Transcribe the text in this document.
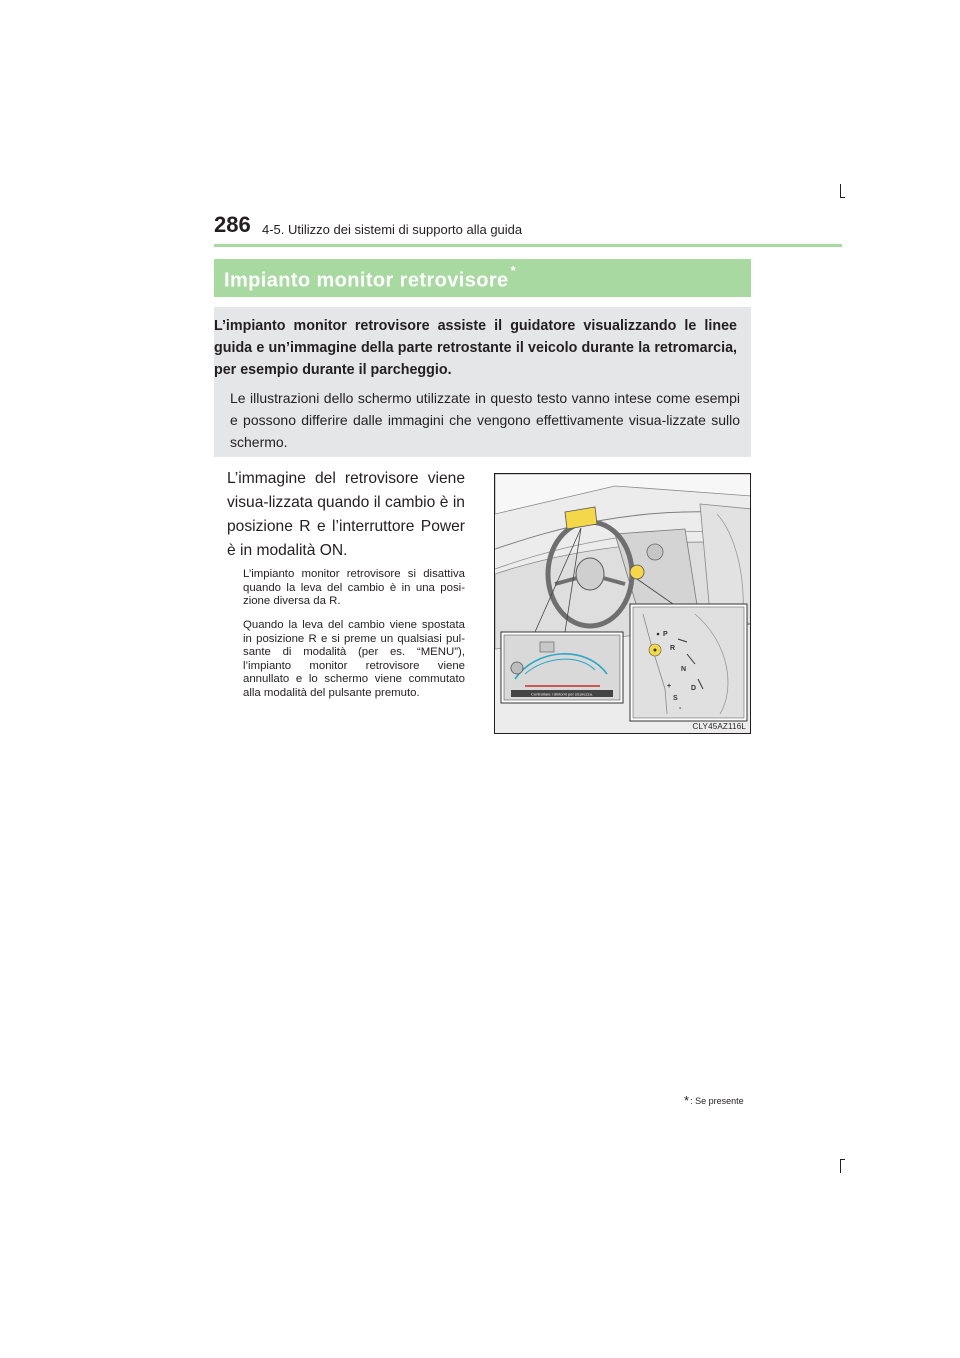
286 4-5. Utilizzo dei sistemi di supporto alla guida
Impianto monitor retrovisore *
L’impianto monitor retrovisore assiste il guidatore visualizzando le linee guida e un’immagine della parte retrostante il veicolo durante la retromarcia, per esempio durante il parcheggio.
Le illustrazioni dello schermo utilizzate in questo testo vanno intese come esempi e possono differire dalle immagini che vengono effettivamente visua-lizzate sullo schermo.
L’immagine del retrovisore viene visua-lizzata quando il cambio è in posizione R e l’interruttore Power è in modalità ON.
L’impianto monitor retrovisore si disattiva quando la leva del cambio è in una posi-zione diversa da R.
Quando la leva del cambio viene spostata in posizione R e si preme un qualsiasi pul-sante di modalità (per es. “MENU”), l’impianto monitor retrovisore viene annullato e lo schermo viene commutato alla modalità del pulsante premuto.	Controllare i dintorni per sicurezza.
P
R
N
D
S
+
-
CLY45AZ116L
*: Se presente
